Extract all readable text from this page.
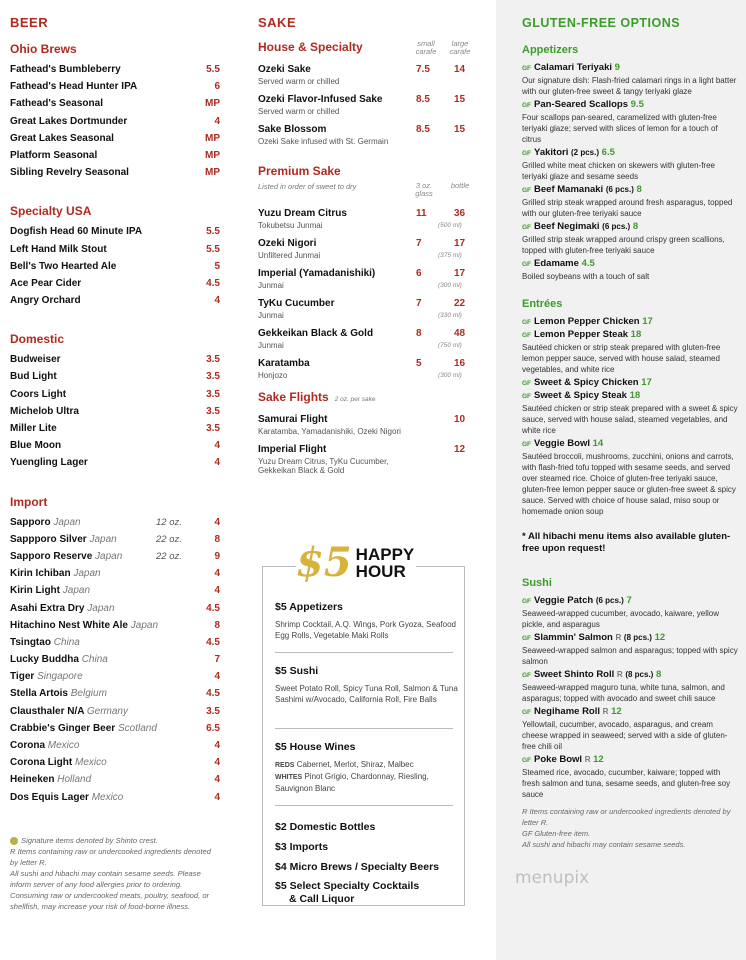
BEER
Ohio Brews
Fathead's Bumbleberry	5.5
Fathead's Head Hunter IPA	6
Fathead's Seasonal	MP
Great Lakes Dortmunder	4
Great Lakes Seasonal	MP
Platform Seasonal	MP
Sibling Revelry Seasonal	MP
Specialty USA
Dogfish Head 60 Minute IPA	5.5
Left Hand Milk Stout	5.5
Bell's Two Hearted Ale	5
Ace Pear Cider	4.5
Angry Orchard	4
Domestic
Budweiser	3.5
Bud Light	3.5
Coors Light	3.5
Michelob Ultra	3.5
Miller Lite	3.5
Blue Moon	4
Yuengling Lager	4
Import
Sapporo Japan	12 oz.	4
Sappporo Silver Japan	22 oz.	8
Sapporo Reserve Japan	22 oz.	9
Kirin Ichiban Japan	4
Kirin Light Japan	4
Asahi Extra Dry Japan	4.5
Hitachino Nest White Ale Japan	8
Tsingtao China	4.5
Lucky Buddha China	7
Tiger Singapore	4
Stella Artois Belgium	4.5
Clausthaler N/A Germany	3.5
Crabbie's Ginger Beer Scotland	6.5
Corona Mexico	4
Corona Light Mexico	4
Heineken Holland	4
Dos Equis Lager Mexico	4
Signature items denoted by Shinto crest.
R Items containing raw or undercooked ingredients denoted by letter R.
All sushi and hibachi may contain sesame seeds. Please inform server of any food allergies prior to ordering. Consuming raw or undercooked meats, poultry, seafood, or shellfish, may increase your risk of food-borne illness.
SAKE
House & Specialty	small carafe
large carafe
Ozeki Sake
Served warm or chilled
7.5 14
Ozeki Flavor-Infused Sake
Served warm or chilled
8.5 15
Sake Blossom
Ozeki Sake infused with St. Germain
8.5 15
Premium Sake
Listed in order of sweet to dry	3 oz. glass
bottle
Yuzu Dream Citrus
Tokubetsu Junmai
11	36
(500 ml)
Ozeki Nigori
Unfiltered Junmai
7	17
(375 ml)
Imperial (Yamadanishiki)
Junmai
6	17
(300 ml)
TyKu Cucumber
Junmai
7	22
(330 ml)
Gekkeikan Black & Gold
Junmai
8	48
(750 ml)
Karatamba
Honjozo
5	16
(300 ml)
Sake Flights 2 oz. per sake
Samurai Flight
Karatamba, Yamadanishiki, Ozeki Nigori
10
Imperial Flight
Yuzu Dream Citrus, TyKu Cucumber, Gekkeikan Black & Gold
12
$5 HAPPY
HOUR
$5 Appetizers
Shrimp Cocktail, A.Q. Wings, Pork Gyoza, Seafood Egg Rolls, Vegetable Maki Rolls
$5 Sushi
Sweet Potato Roll, Spicy Tuna Roll, Salmon & Tuna Sashimi w/Avocado, California Roll, Fire Balls
$5 House Wines
REDS Cabernet, Merlot, Shiraz, Malbec
WHITES Pinot Grigio, Chardonnay, Riesling, Sauvignon Blanc
$2 Domestic Bottles
$3 Imports
$4 Micro Brews / Specialty Beers
$5 Select Specialty Cocktails
& Call Liquor
GLUTEN-FREE OPTIONS
Appetizers
GF Calamari Teriyaki 9
Our signature dish: Flash-fried calamari rings in a light batter with our gluten-free sweet & tangy teriyaki glaze
GF Pan-Seared Scallops 9.5
Four scallops pan-seared, caramelized with gluten-free teriyaki glaze; served with slices of lemon for a touch of citrus
GF Yakitori (2 pcs.) 6.5
Grilled white meat chicken on skewers with gluten-free teriyaki glaze and sesame seeds
GF Beef Mamanaki (6 pcs.) 8
Grilled strip steak wrapped around fresh asparagus, topped with our gluten-free teriyaki sauce
GF Beef Negimaki (6 pcs.) 8
Grilled strip steak wrapped around crispy green scallions, topped with gluten-free teriyaki sauce
GF Edamame 4.5
Boiled soybeans with a touch of salt
Entrées
GF Lemon Pepper Chicken 17
GF Lemon Pepper Steak 18
Sautéed chicken or strip steak prepared with gluten-free lemon pepper sauce, served with house salad, steamed vegetables, and white rice
GF Sweet & Spicy Chicken 17
GF Sweet & Spicy Steak 18
Sautéed chicken or strip steak prepared with a sweet & spicy sauce, served with house salad, steamed vegetables, and white rice
GF Veggie Bowl 14
Sautéed broccoli, mushrooms, zucchini, onions and carrots, with flash-fried tofu topped with sesame seeds, and served over steamed rice. Choice of gluten-free teriyaki sauce, gluten-free lemon pepper sauce or gluten-free sweet & spicy sauce. Served with choice of house salad, miso soup or homemade onion soup
* All hibachi menu items also available gluten-free upon request!
Sushi
GF Veggie Patch (6 pcs.) 7
Seaweed-wrapped cucumber, avocado, kaiware, yellow pickle, and asparagus
GF Slammin' Salmon R (8 pcs.) 12
Seaweed-wrapped salmon and asparagus; topped with spicy salmon
GF Sweet Shinto Roll R (8 pcs.) 8
Seaweed-wrapped maguro tuna, white tuna, salmon, and asparagus; topped with avocado and sweet chili sauce
GF Negihame Roll R 12
Yellowtail, cucumber, avocado, asparagus, and cream cheese wrapped in seaweed; served with a side of gluten-free chili oil
GF Poke Bowl R 12
Steamed rice, avocado, cucumber, kaiware; topped with fresh salmon and tuna, sesame seeds, and gluten-free soy sauce
R Items containing raw or undercooked ingredients denoted by letter R.
GF Gluten-free item.
All sushi and hibachi may contain sesame seeds.
menupix
